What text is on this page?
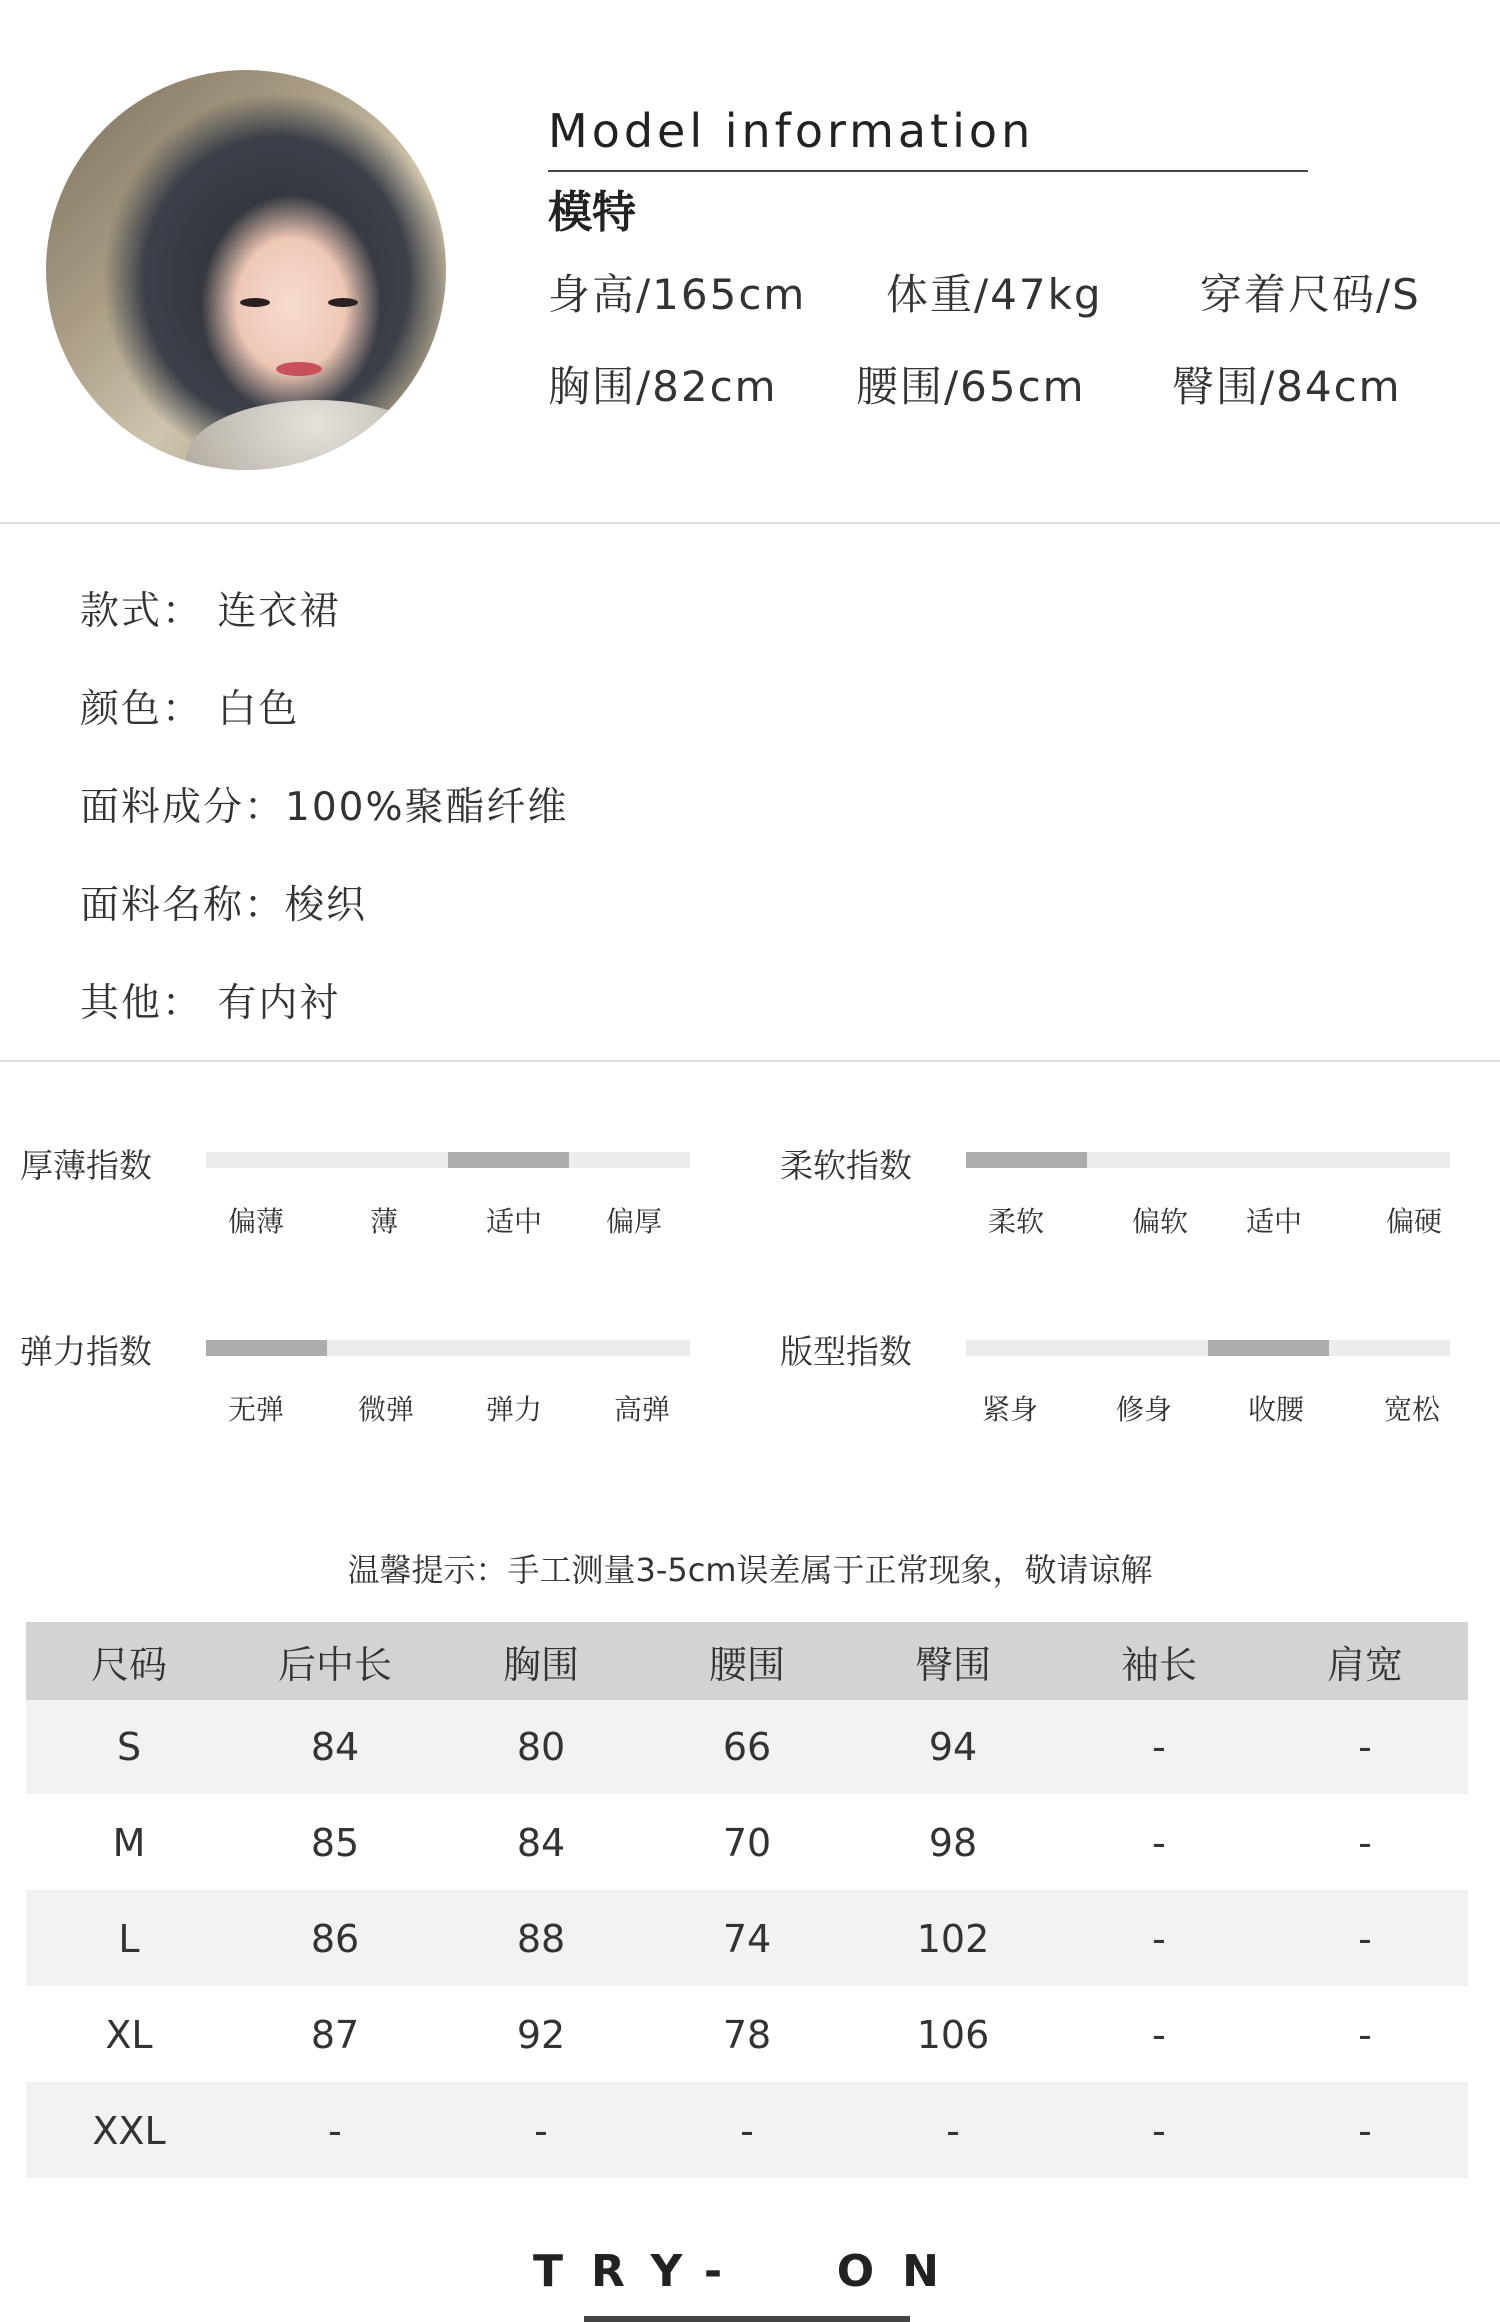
Model information
模特
身高/165cm 体重/47kg 穿着尺码/S
胸围/82cm 腰围/65cm 臀围/84cm
款式： 连衣裙
颜色： 白色
面料成分：100%聚酯纤维
面料名称：梭织
其他： 有内衬
厚薄指数
偏薄	薄	适中 偏厚
柔软指数
柔软	偏软 适中	偏硬
弹力指数
无弹	微弹	弹力	高弹
版型指数
紧身	修身	收腰	宽松
温馨提示：手工测量3-5cm误差属于正常现象，敬请谅解
尺码	后中长	胸围	腰围	臀围	袖长	肩宽
S	84	80	66	94	-	-
M	85	84	70	98	-	-
L	86	88	74	102	-	-
XL	87	92	78	106	-	-
XXL	-	-	-	-	-	-
TRY-  ON
